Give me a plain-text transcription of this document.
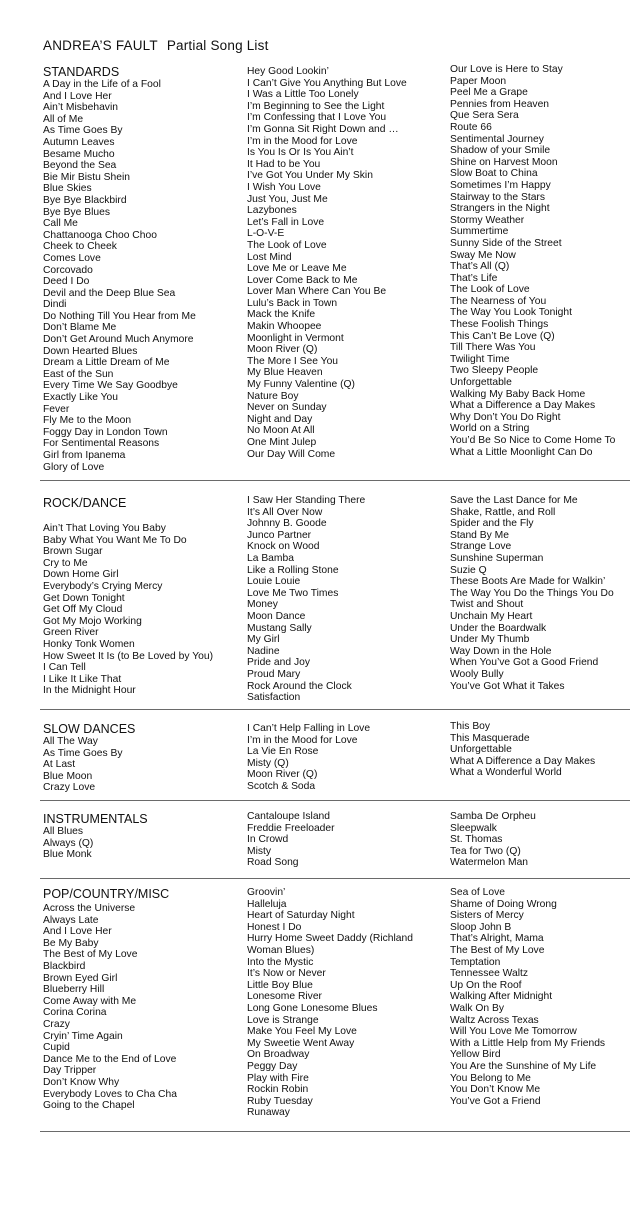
ANDREA’S FAULT Partial Song List
STANDARDS
A Day in the Life of a Fool
And I Love Her
Ain’t Misbehavin
All of Me
As Time Goes By
Autumn Leaves
Besame Mucho
Beyond the Sea
Bie Mir Bistu Shein
Blue Skies
Bye Bye Blackbird
Bye Bye Blues
Call Me
Chattanooga Choo Choo
Cheek to Cheek
Comes Love
Corcovado
Deed I Do
Devil and the Deep Blue Sea
Dindi
Do Nothing Till You Hear from Me
Don’t Blame Me
Don’t Get Around Much Anymore
Down Hearted Blues
Dream a Little Dream of Me
East of the Sun
Every Time We Say Goodbye
Exactly Like You
Fever
Fly Me to the Moon
Foggy Day in London Town
For Sentimental Reasons
Girl from Ipanema
Glory of Love
Hey Good Lookin’
I Can’t Give You Anything But Love
I Was a Little Too Lonely
I’m Beginning to See the Light
I’m Confessing that I Love You
I’m Gonna Sit Right Down and …
I’m in the Mood for Love
Is You Is Or Is You Ain’t
It Had to be You
I’ve Got You Under My Skin
I Wish You Love
Just You, Just Me
Lazybones
Let’s Fall in Love
L-O-V-E
The Look of Love
Lost Mind
Love Me or Leave Me
Lover Come Back to Me
Lover Man Where Can You Be
Lulu’s Back in Town
Mack the Knife
Makin Whoopee
Moonlight in Vermont
Moon River (Q)
The More I See You
My Blue Heaven
My Funny Valentine (Q)
Nature Boy
Never on Sunday
Night and Day
No Moon At All
One Mint Julep
Our Day Will Come
Our Love is Here to Stay
Paper Moon
Peel Me a Grape
Pennies from Heaven
Que Sera Sera
Route 66
Sentimental Journey
Shadow of your Smile
Shine on Harvest Moon
Slow Boat to China
Sometimes I’m Happy
Stairway to the Stars
Strangers in the Night
Stormy Weather
Summertime
Sunny Side of the Street
Sway Me Now
That’s All (Q)
That’s Life
The Look of Love
The Nearness of You
The Way You Look Tonight
These Foolish Things
This Can’t Be Love (Q)
Till There Was You
Twilight Time
Two Sleepy People
Unforgettable
Walking My Baby Back Home
What a Difference a Day Makes
Why Don’t You Do Right
World on a String
You’d Be So Nice to Come Home To
What a Little Moonlight Can Do
ROCK/DANCE
Ain’t That Loving You Baby
Baby What You Want Me To Do
Brown Sugar
Cry to Me
Down Home Girl
Everybody’s Crying Mercy
Get Down Tonight
Get Off My Cloud
Got My Mojo Working
Green River
Honky Tonk Women
How Sweet It Is (to Be Loved by You)
I Can Tell
I Like It Like That
In the Midnight Hour
I Saw Her Standing There
It’s All Over Now
Johnny B. Goode
Junco Partner
Knock on Wood
La Bamba
Like a Rolling Stone
Louie Louie
Love Me Two Times
Money
Moon Dance
Mustang Sally
My Girl
Nadine
Pride and Joy
Proud Mary
Rock Around the Clock
Satisfaction
Save the Last Dance for Me
Shake, Rattle, and Roll
Spider and the Fly
Stand By Me
Strange Love
Sunshine Superman
Suzie Q
These Boots Are Made for Walkin’
The Way You Do the Things You Do
Twist and Shout
Unchain My Heart
Under the Boardwalk
Under My Thumb
Way Down in the Hole
When You’ve Got a Good Friend
Wooly Bully
You’ve Got What it Takes
SLOW DANCES
All The Way
As Time Goes By
At Last
Blue Moon
Crazy Love
I Can’t Help Falling in Love
I’m in the Mood for Love
La Vie En Rose
Misty (Q)
Moon River (Q)
Scotch & Soda
This Boy
This Masquerade
Unforgettable
What A Difference a Day Makes
What a Wonderful World
INSTRUMENTALS
All Blues
Always (Q)
Blue Monk
Cantaloupe Island
Freddie Freeloader
In Crowd
Misty
Road Song
Samba De Orpheu
Sleepwalk
St. Thomas
Tea for Two (Q)
Watermelon Man
POP/COUNTRY/MISC
Across the Universe
Always Late
And I Love Her
Be My Baby
The Best of My Love
Blackbird
Brown Eyed Girl
Blueberry Hill
Come Away with Me
Corina Corina
Crazy
Cryin’ Time Again
Cupid
Dance Me to the End of Love
Day Tripper
Don’t Know Why
Everybody Loves to Cha Cha
Going to the Chapel
Groovin’
Halleluja
Heart of Saturday Night
Honest I Do
Hurry Home Sweet Daddy (Richland
Woman Blues)
Into the Mystic
It’s Now or Never
Little Boy Blue
Lonesome River
Long Gone Lonesome Blues
Love is Strange
Make You Feel My Love
My Sweetie Went Away
On Broadway
Peggy Day
Play with Fire
Rockin Robin
Ruby Tuesday
Runaway
Sea of Love
Shame of Doing Wrong
Sisters of Mercy
Sloop John B
That’s Alright, Mama
The Best of My Love
Temptation
Tennessee Waltz
Up On the Roof
Walking After Midnight
Walk On By
Waltz Across Texas
Will You Love Me Tomorrow
With a Little Help from My Friends
Yellow Bird
You Are the Sunshine of My Life
You Belong to Me
You Don’t Know Me
You’ve Got a Friend
